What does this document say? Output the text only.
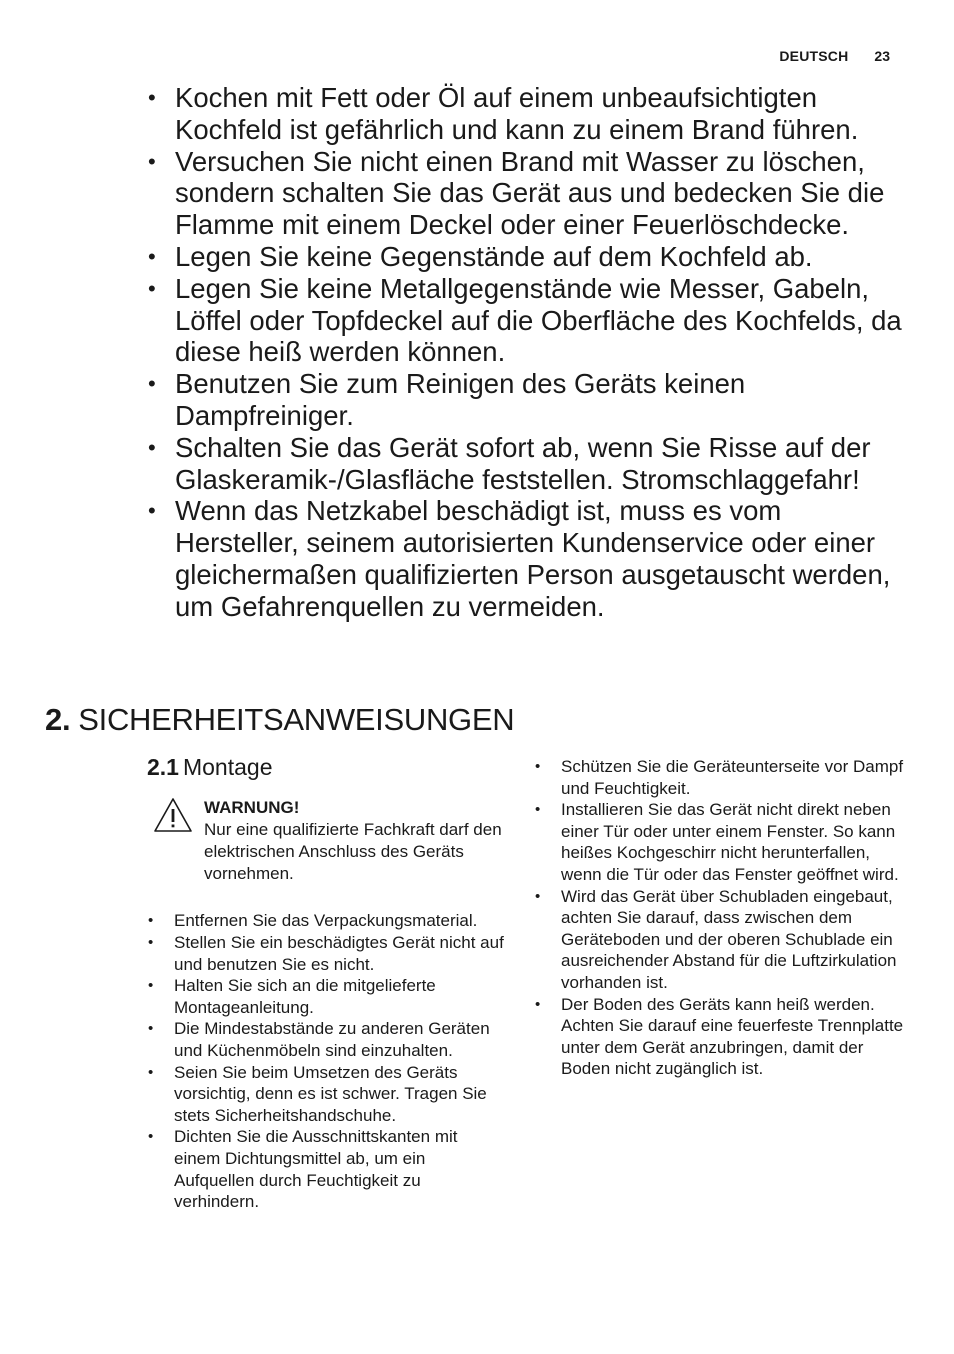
DEUTSCH 23
• Kochen mit Fett oder Öl auf einem unbeaufsichtigten Kochfeld ist gefährlich und kann zu einem Brand führen.
• Versuchen Sie nicht einen Brand mit Wasser zu löschen, sondern schalten Sie das Gerät aus und bedecken Sie die Flamme mit einem Deckel oder einer Feuerlöschdecke.
• Legen Sie keine Gegenstände auf dem Kochfeld ab.
• Legen Sie keine Metallgegenstände wie Messer, Gabeln, Löffel oder Topfdeckel auf die Oberfläche des Kochfelds, da diese heiß werden können.
• Benutzen Sie zum Reinigen des Geräts keinen Dampfreiniger.
• Schalten Sie das Gerät sofort ab, wenn Sie Risse auf der Glaskeramik-/Glasfläche feststellen. Stromschlaggefahr!
• Wenn das Netzkabel beschädigt ist, muss es vom Hersteller, seinem autorisierten Kundenservice oder einer gleichermaßen qualifizierten Person ausgetauscht werden, um Gefahrenquellen zu vermeiden.
2. SICHERHEITSANWEISUNGEN
2.1 Montage
WARNUNG!
Nur eine qualifizierte Fachkraft darf den elektrischen Anschluss des Geräts vornehmen.
• Entfernen Sie das Verpackungsmaterial.
• Stellen Sie ein beschädigtes Gerät nicht auf und benutzen Sie es nicht.
• Halten Sie sich an die mitgelieferte Montageanleitung.
• Die Mindestabstände zu anderen Geräten und Küchenmöbeln sind einzuhalten.
• Seien Sie beim Umsetzen des Geräts vorsichtig, denn es ist schwer. Tragen Sie stets Sicherheitshandschuhe.
• Dichten Sie die Ausschnittskanten mit einem Dichtungsmittel ab, um ein Aufquellen durch Feuchtigkeit zu verhindern.
• Schützen Sie die Geräteunterseite vor Dampf und Feuchtigkeit.
• Installieren Sie das Gerät nicht direkt neben einer Tür oder unter einem Fenster. So kann heißes Kochgeschirr nicht herunterfallen, wenn die Tür oder das Fenster geöffnet wird.
• Wird das Gerät über Schubladen eingebaut, achten Sie darauf, dass zwischen dem Geräteboden und der oberen Schublade ein ausreichender Abstand für die Luftzirkulation vorhanden ist.
• Der Boden des Geräts kann heiß werden. Achten Sie darauf eine feuerfeste Trennplatte unter dem Gerät anzubringen, damit der Boden nicht zugänglich ist.
